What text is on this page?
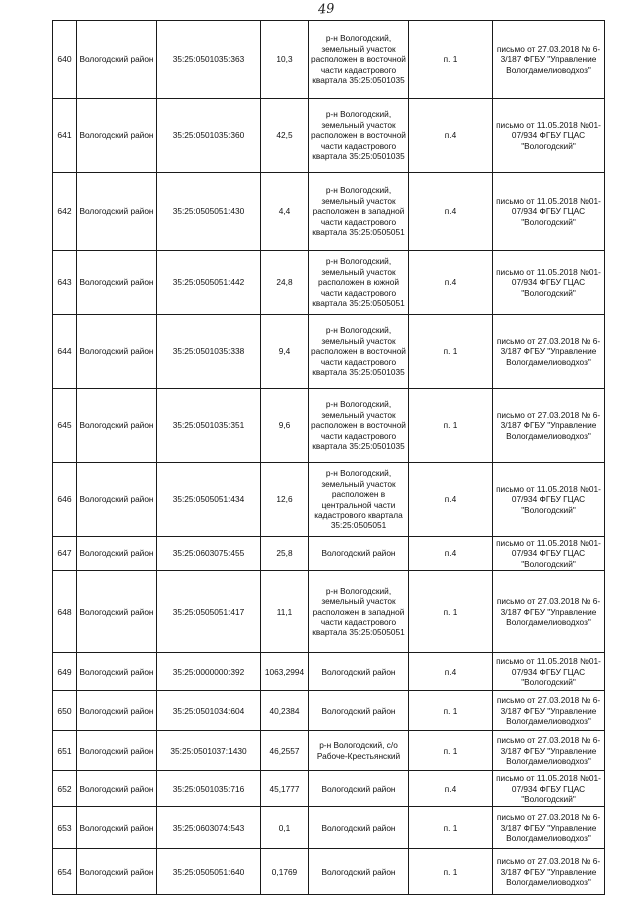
49
640	Вологодский район	35:25:0501035:363	10,3	р-н Вологодский, земельный участок расположен в восточной части кадастрового квартала 35:25:0501035	п. 1	письмо от 27.03.2018 № 6-3/187 ФГБУ "Управление Вологдамелиоводхоз"
641	Вологодский район	35:25:0501035:360	42,5	р-н Вологодский, земельный участок расположен в восточной части кадастрового квартала 35:25:0501035	п.4	письмо от 11.05.2018 №01-07/934 ФГБУ ГЦАС "Вологодский"
642	Вологодский район	35:25:0505051:430	4,4	р-н Вологодский, земельный участок расположен в западной части кадастрового квартала 35:25:0505051	п.4	письмо от 11.05.2018 №01-07/934 ФГБУ ГЦАС "Вологодский"
643	Вологодский район	35:25:0505051:442	24,8	р-н Вологодский, земельный участок расположен в южной части кадастрового квартала 35:25:0505051	п.4	письмо от 11.05.2018 №01-07/934 ФГБУ ГЦАС "Вологодский"
644	Вологодский район	35:25:0501035:338	9,4	р-н Вологодский, земельный участок расположен в восточной части кадастрового квартала 35:25:0501035	п. 1	письмо от 27.03.2018 № 6-3/187 ФГБУ "Управление Вологдамелиоводхоз"
645	Вологодский район	35:25:0501035:351	9,6	р-н Вологодский, земельный участок расположен в восточной части кадастрового квартала 35:25:0501035	п. 1	письмо от 27.03.2018 № 6-3/187 ФГБУ "Управление Вологдамелиоводхоз"
646	Вологодский район	35:25:0505051:434	12,6	р-н Вологодский, земельный участок расположен в центральной части кадастрового квартала 35:25:0505051	п.4	письмо от 11.05.2018 №01-07/934 ФГБУ ГЦАС "Вологодский"
647	Вологодский район	35:25:0603075:455	25,8	Вологодский район	п.4	письмо от 11.05.2018 №01-07/934 ФГБУ ГЦАС "Вологодский"
648	Вологодский район	35:25:0505051:417	11,1	р-н Вологодский, земельный участок расположен в западной части кадастрового квартала 35:25:0505051	п. 1	письмо от 27.03.2018 № 6-3/187 ФГБУ "Управление Вологдамелиоводхоз"
649	Вологодский район	35:25:0000000:392	1063,2994	Вологодский район	п.4	письмо от 11.05.2018 №01-07/934 ФГБУ ГЦАС "Вологодский"
650	Вологодский район	35:25:0501034:604	40,2384	Вологодский район	п. 1	письмо от 27.03.2018 № 6-3/187 ФГБУ "Управление Вологдамелиоводхоз"
651	Вологодский район	35:25:0501037:1430	46,2557	р-н Вологодский, с/о Рабоче-Крестьянский	п. 1	письмо от 27.03.2018 № 6-3/187 ФГБУ "Управление Вологдамелиоводхоз"
652	Вологодский район	35:25:0501035:716	45,1777	Вологодский район	п.4	письмо от 11.05.2018 №01-07/934 ФГБУ ГЦАС "Вологодский"
653	Вологодский район	35:25:0603074:543	0,1	Вологодский район	п. 1	письмо от 27.03.2018 № 6-3/187 ФГБУ "Управление Вологдамелиоводхоз"
654	Вологодский район	35:25:0505051:640	0,1769	Вологодский район	п. 1	письмо от 27.03.2018 № 6-3/187 ФГБУ "Управление Вологдамелиоводхоз"
